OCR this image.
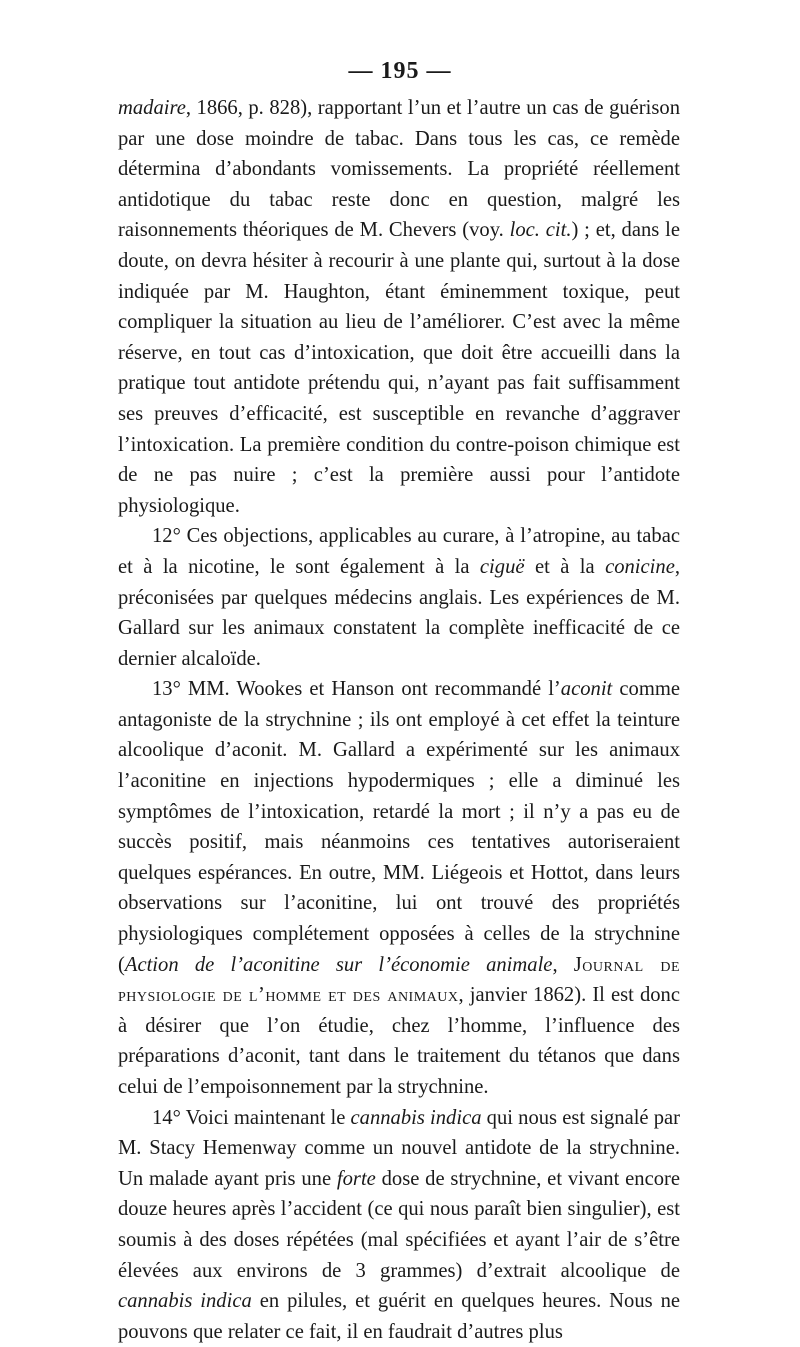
— 195 —

madaire, 1866, p. 828), rapportant l’un et l’autre un cas de guérison par une dose moindre de tabac. Dans tous les cas, ce remède détermina d’abondants vomissements. La propriété réellement antidotique du tabac reste donc en question, malgré les raisonnements théoriques de M. Chevers (voy. loc. cit.) ; et, dans le doute, on devra hésiter à recourir à une plante qui, surtout à la dose indiquée par M. Haughton, étant éminemment toxique, peut compliquer la situation au lieu de l’améliorer. C’est avec la même réserve, en tout cas d’intoxication, que doit être accueilli dans la pratique tout antidote prétendu qui, n’ayant pas fait suffisamment ses preuves d’efficacité, est susceptible en revanche d’aggraver l’intoxication. La première condition du contre-poison chimique est de ne pas nuire ; c’est la première aussi pour l’antidote physiologique.

12° Ces objections, applicables au curare, à l’atropine, au tabac et à la nicotine, le sont également à la ciguë et à la conicine, préconisées par quelques médecins anglais. Les expériences de M. Gallard sur les animaux constatent la complète inefficacité de ce dernier alcaloïde.

13° MM. Wookes et Hanson ont recommandé l’aconit comme antagoniste de la strychnine ; ils ont employé à cet effet la teinture alcoolique d’aconit. M. Gallard a expérimenté sur les animaux l’aconitine en injections hypodermiques ; elle a diminué les symptômes de l’intoxication, retardé la mort ; il n’y a pas eu de succès positif, mais néanmoins ces tentatives autoriseraient quelques espérances. En outre, MM. Liégeois et Hottot, dans leurs observations sur l’aconitine, lui ont trouvé des propriétés physiologiques complétement opposées à celles de la strychnine (Action de l’aconitine sur l’économie animale, Journal de physiologie de l’homme et des animaux, janvier 1862). Il est donc à désirer que l’on étudie, chez l’homme, l’influence des préparations d’aconit, tant dans le traitement du tétanos que dans celui de l’empoisonnement par la strychnine.

14° Voici maintenant le cannabis indica qui nous est signalé par M. Stacy Hemenway comme un nouvel antidote de la strychnine. Un malade ayant pris une forte dose de strychnine, et vivant encore douze heures après l’accident (ce qui nous paraît bien singulier), est soumis à des doses répétées (mal spécifiées et ayant l’air de s’être élevées aux environs de 3 grammes) d’extrait alcoolique de cannabis indica en pilules, et guérit en quelques heures. Nous ne pouvons que relater ce fait, il en faudrait d’autres plus
